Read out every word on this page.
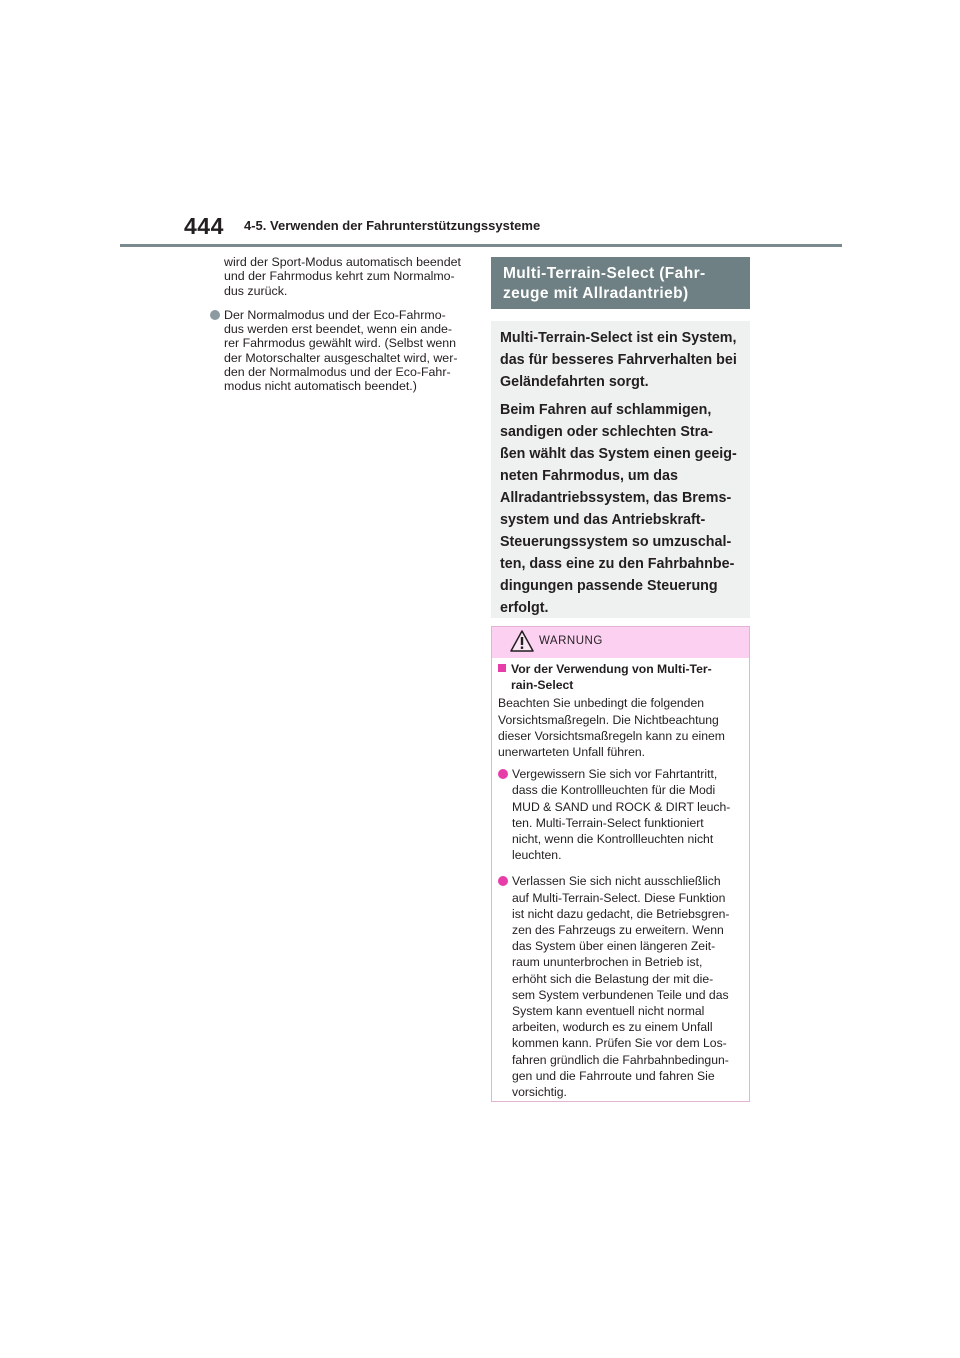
444 4-5. Verwenden der Fahrunterstützungssysteme

wird der Sport-Modus automatisch beendet
und der Fahrmodus kehrt zum Normalmo-
dus zurück.

Der Normalmodus und der Eco-Fahrmo-
dus werden erst beendet, wenn ein ande-
rer Fahrmodus gewählt wird. (Selbst wenn
der Motorschalter ausgeschaltet wird, wer-
den der Normalmodus und der Eco-Fahr-
modus nicht automatisch beendet.)
Multi-Terrain-Select (Fahr-
zeuge mit Allradantrieb)

Multi-Terrain-Select ist ein System,
das für besseres Fahrverhalten bei
Geländefahrten sorgt.

Beim Fahren auf schlammigen,
sandigen oder schlechten Stra-
ßen wählt das System einen geeig-
neten Fahrmodus, um das
Allradantriebssystem, das Brems-
system und das Antriebskraft-
Steuerungssystem so umzuschal-
ten, dass eine zu den Fahrbahnbe-
dingungen passende Steuerung
erfolgt.

WARNUNG
Vor der Verwendung von Multi-Ter-
rain-Select

Beachten Sie unbedingt die folgenden
Vorsichtsmaßregeln. Die Nichtbeachtung
dieser Vorsichtsmaßregeln kann zu einem
unerwarteten Unfall führen.

Vergewissern Sie sich vor Fahrtantritt,
dass die Kontrollleuchten für die Modi
MUD & SAND und ROCK & DIRT leuch-
ten. Multi-Terrain-Select funktioniert
nicht, wenn die Kontrollleuchten nicht
leuchten.
Verlassen Sie sich nicht ausschließlich
auf Multi-Terrain-Select. Diese Funktion
ist nicht dazu gedacht, die Betriebsgren-
zen des Fahrzeugs zu erweitern. Wenn
das System über einen längeren Zeit-
raum ununterbrochen in Betrieb ist,
erhöht sich die Belastung der mit die-
sem System verbundenen Teile und das
System kann eventuell nicht normal
arbeiten, wodurch es zu einem Unfall
kommen kann. Prüfen Sie vor dem Los-
fahren gründlich die Fahrbahnbedingun-
gen und die Fahrroute und fahren Sie
vorsichtig.
